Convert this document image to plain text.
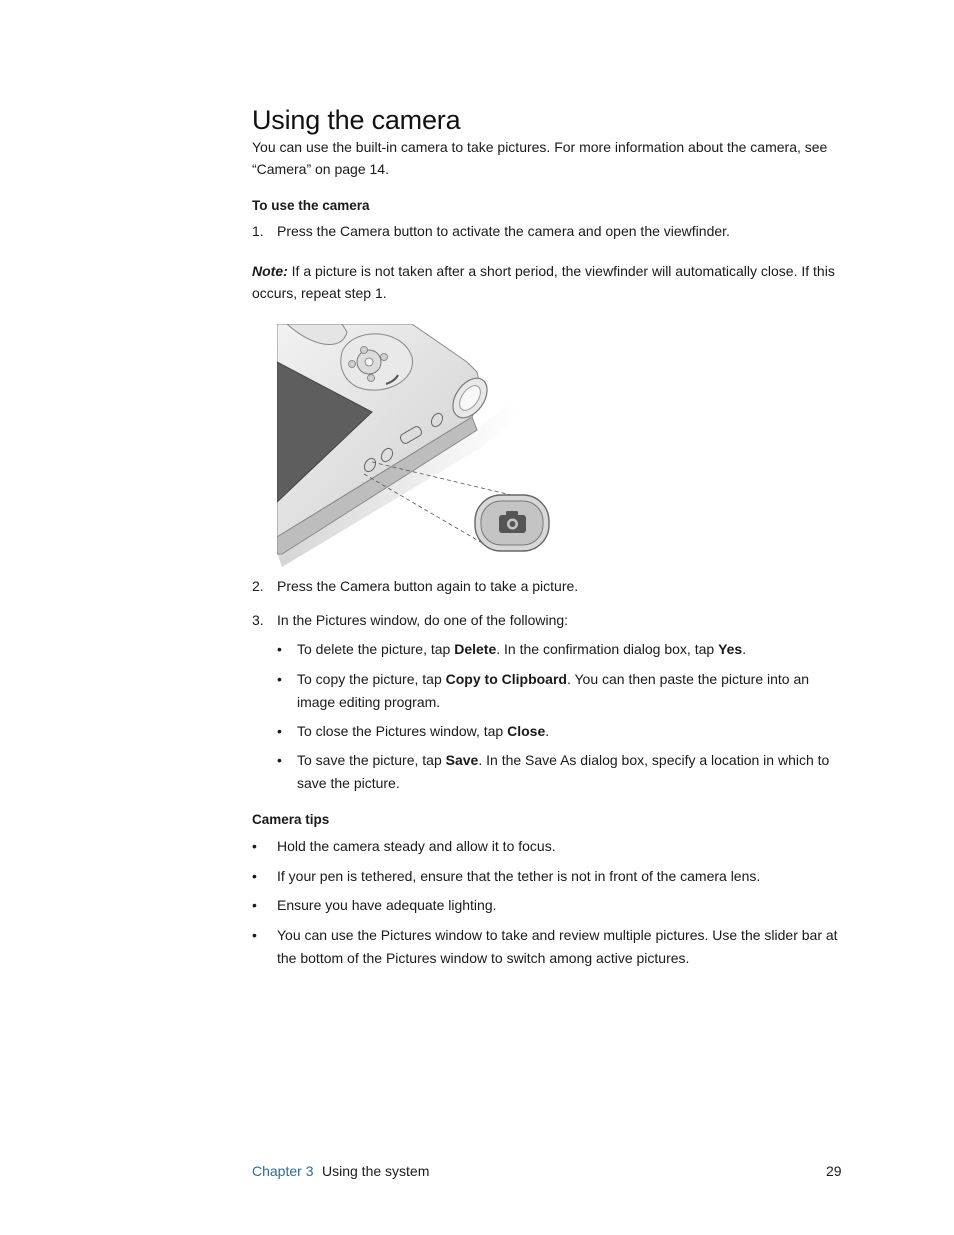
Using the camera

You can use the built-in camera to take pictures. For more information about the camera, see “Camera” on page 14.

To use the camera

1. Press the Camera button to activate the camera and open the viewfinder.

Note: If a picture is not taken after a short period, the viewfinder will automatically close. If this occurs, repeat step 1.

2. Press the Camera button again to take a picture.
3. In the Pictures window, do one of the following:
• To delete the picture, tap Delete. In the confirmation dialog box, tap Yes.
• To copy the picture, tap Copy to Clipboard. You can then paste the picture into an image editing program.
• To close the Pictures window, tap Close.
• To save the picture, tap Save. In the Save As dialog box, specify a location in which to save the picture.

Camera tips

• Hold the camera steady and allow it to focus.
• If your pen is tethered, ensure that the tether is not in front of the camera lens.
• Ensure you have adequate lighting.
• You can use the Pictures window to take and review multiple pictures. Use the slider bar at the bottom of the Pictures window to switch among active pictures.
Chapter 3 Using the system	29
